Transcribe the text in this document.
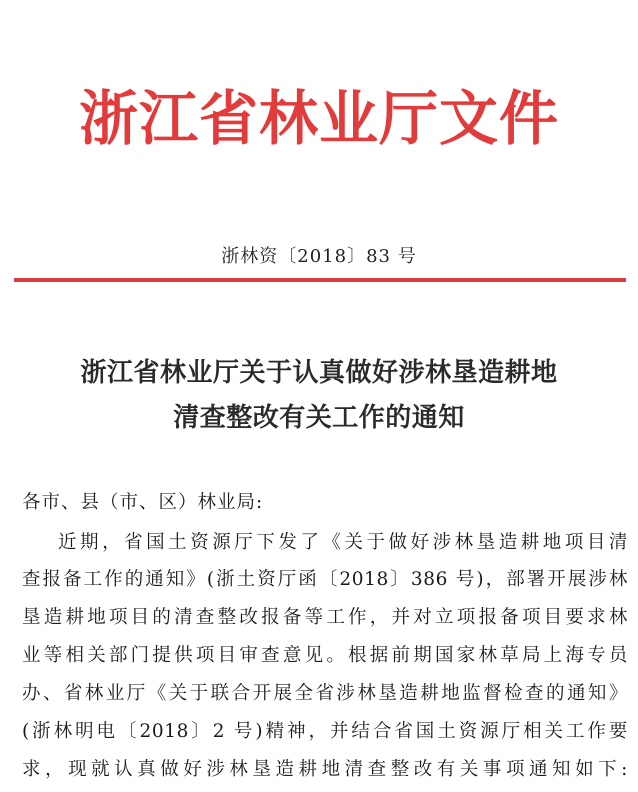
浙江省林业厅文件
浙林资〔2018〕83 号
浙江省林业厅关于认真做好涉林垦造耕地
清查整改有关工作的通知
各市、县（市、区）林业局:
近期，省国土资源厅下发了《关于做好涉林垦造耕地项目清
查报备工作的通知》(浙土资厅函〔2018〕386 号)，部署开展涉林
垦造耕地项目的清查整改报备等工作，并对立项报备项目要求林
业等相关部门提供项目审查意见。根据前期国家林草局上海专员
办、省林业厅《关于联合开展全省涉林垦造耕地监督检查的通知》
(浙林明电〔2018〕2 号)精神，并结合省国土资源厅相关工作要
求，现就认真做好涉林垦造耕地清查整改有关事项通知如下:
